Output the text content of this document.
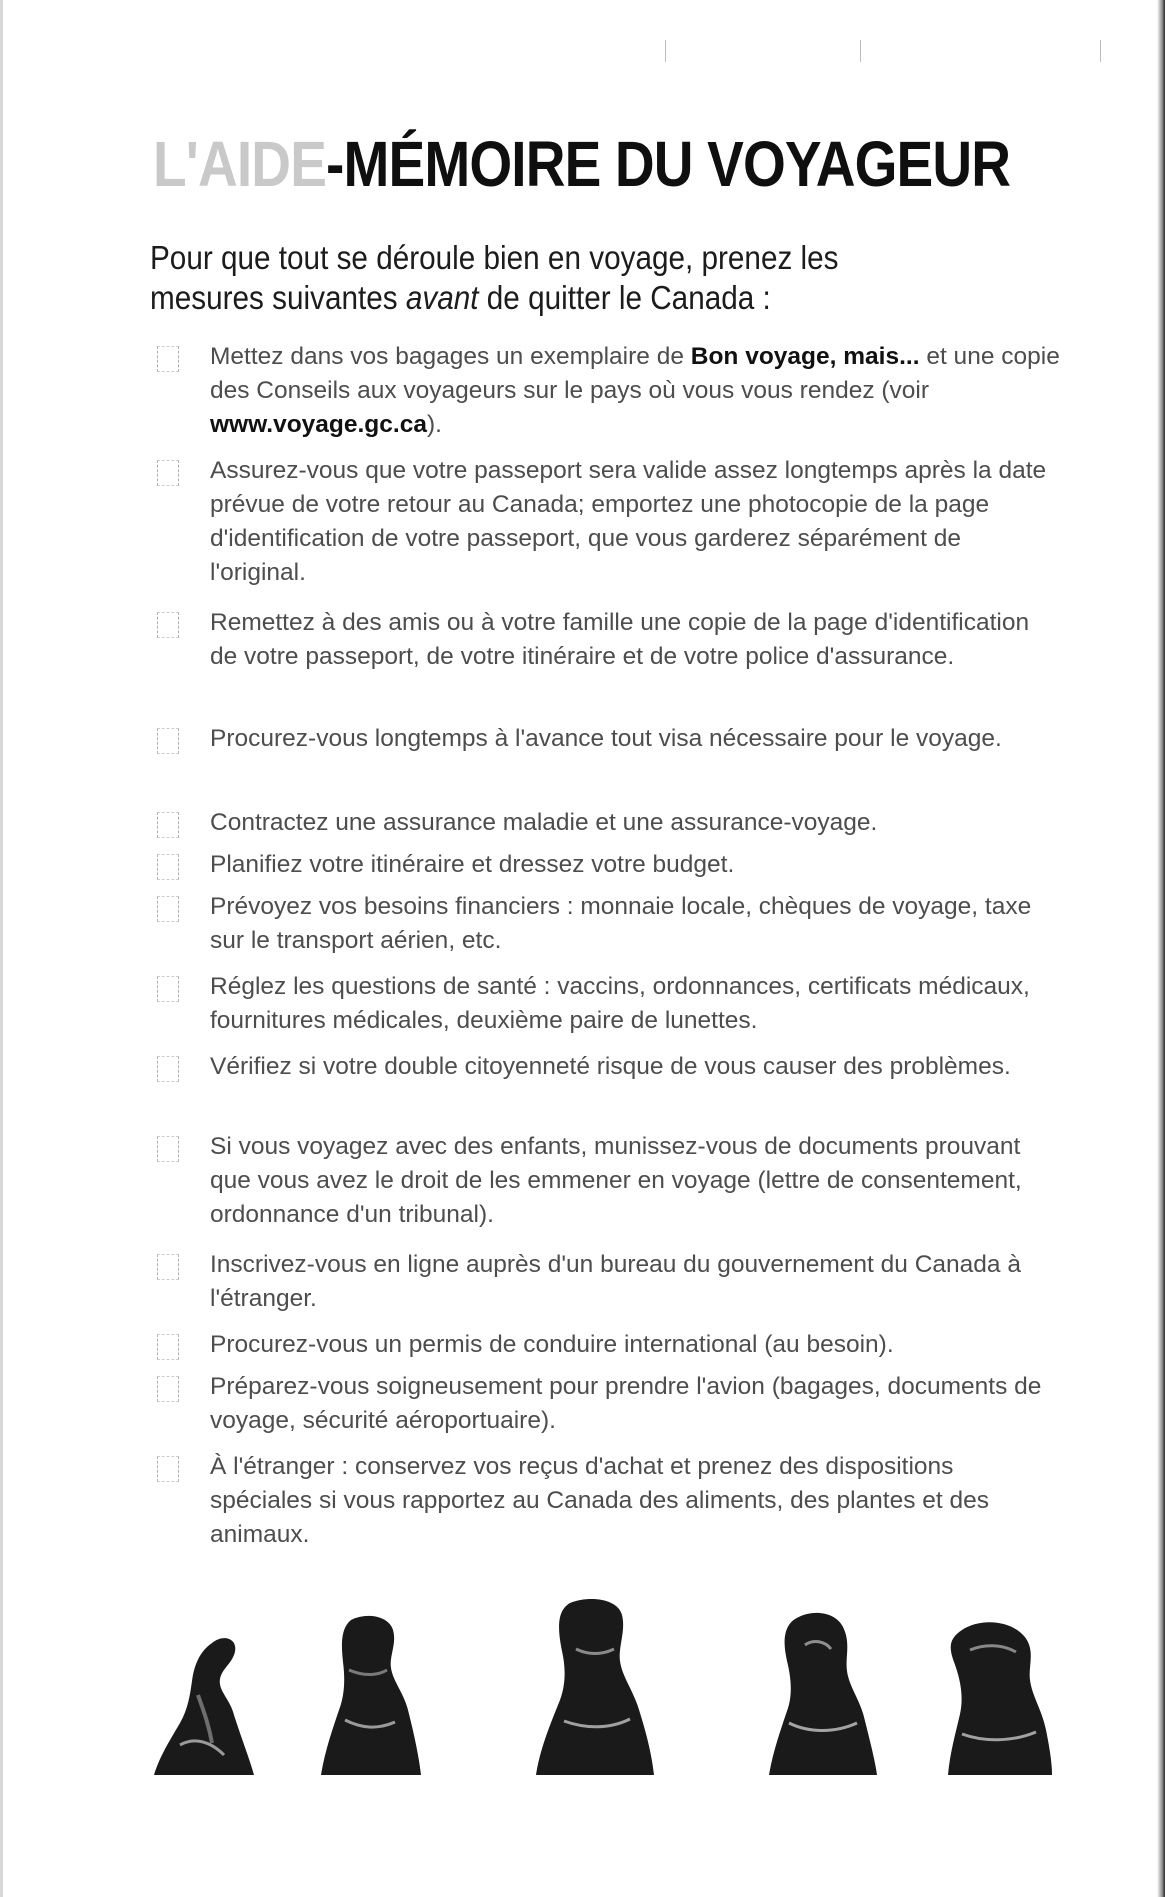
L'AIDE-MÉMOIRE DU VOYAGEUR
Pour que tout se déroule bien en voyage, prenez les mesures suivantes avant de quitter le Canada :
Mettez dans vos bagages un exemplaire de Bon voyage, mais... et une copie des Conseils aux voyageurs sur le pays où vous vous rendez (voir www.voyage.gc.ca).
Assurez-vous que votre passeport sera valide assez longtemps après la date prévue de votre retour au Canada; emportez une photocopie de la page d'identification de votre passeport, que vous garderez séparément de l'original.
Remettez à des amis ou à votre famille une copie de la page d'identification de votre passeport, de votre itinéraire et de votre police d'assurance.
Procurez-vous longtemps à l'avance tout visa nécessaire pour le voyage.
Contractez une assurance maladie et une assurance-voyage.
Planifiez votre itinéraire et dressez votre budget.
Prévoyez vos besoins financiers : monnaie locale, chèques de voyage, taxe sur le transport aérien, etc.
Réglez les questions de santé : vaccins, ordonnances, certificats médicaux, fournitures médicales, deuxième paire de lunettes.
Vérifiez si votre double citoyenneté risque de vous causer des problèmes.
Si vous voyagez avec des enfants, munissez-vous de documents prouvant que vous avez le droit de les emmener en voyage (lettre de consentement, ordonnance d'un tribunal).
Inscrivez-vous en ligne auprès d'un bureau du gouvernement du Canada à l'étranger.
Procurez-vous un permis de conduire international (au besoin).
Préparez-vous soigneusement pour prendre l'avion (bagages, documents de voyage, sécurité aéroportuaire).
À l'étranger : conservez vos reçus d'achat et prenez des dispositions spéciales si vous rapportez au Canada des aliments, des plantes et des animaux.
